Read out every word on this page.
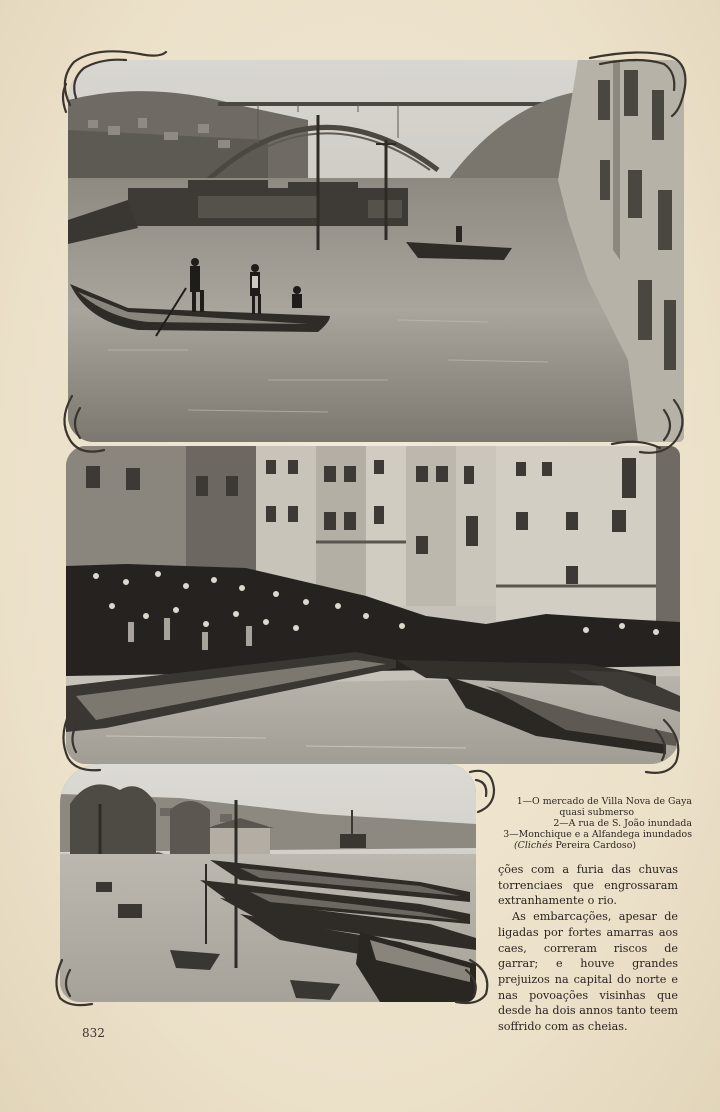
1—O mercado de Villa Nova de Gaya
quasi submerso
2—A rua de S. João inundada
3—Monchique e a Alfandega inundados
(Clichés Pereira Cardoso)

ções com a furia das chuvas torrenciaes que engrossaram extranhamente o rio.

As embarcações, apesar de ligadas por fortes amarras aos caes, correram riscos de garrar; e houve grandes prejuizos na capital do norte e nas povoações visinhas que desde ha dois annos tanto teem soffrido com as cheias.

832
